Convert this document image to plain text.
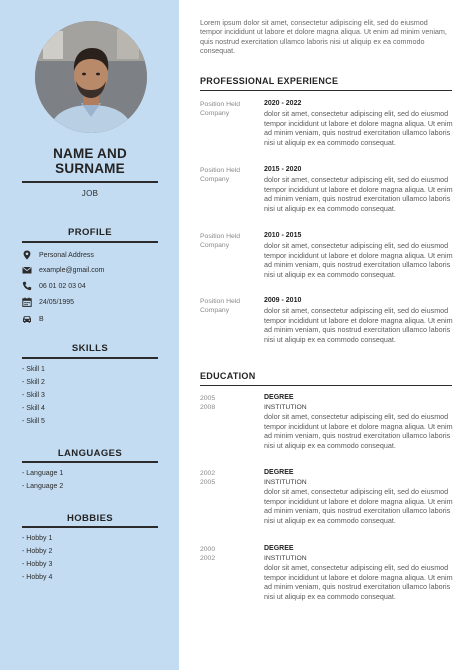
NAME AND SURNAME
JOB
PROFILE
Personal Address
example@gmail.com
06 01 02 03 04
24/05/1995
B
SKILLS
- Skill 1
- Skill 2
- Skill 3
- Skill 4
- Skill 5
LANGUAGES
- Language 1
- Language 2
HOBBIES
- Hobby 1
- Hobby 2
- Hobby 3
- Hobby 4
Lorem ipsum dolor sit amet, consectetur adipiscing elit, sed do eiusmod tempor incididunt ut labore et dolore magna aliqua. Ut enim ad minim veniam, quis nostrud exercitation ullamco laboris nisi ut aliquip ex ea commodo consequat.
PROFESSIONAL EXPERIENCE
Position Held
Company
2020 - 2022
dolor sit amet, consectetur adipiscing elit, sed do eiusmod tempor incididunt ut labore et dolore magna aliqua. Ut enim ad minim veniam, quis nostrud exercitation ullamco laboris nisi ut aliquip ex ea commodo consequat.
Position Held
Company
2015 - 2020
dolor sit amet, consectetur adipiscing elit, sed do eiusmod tempor incididunt ut labore et dolore magna aliqua. Ut enim ad minim veniam, quis nostrud exercitation ullamco laboris nisi ut aliquip ex ea commodo consequat.
Position Held
Company
2010 - 2015
dolor sit amet, consectetur adipiscing elit, sed do eiusmod tempor incididunt ut labore et dolore magna aliqua. Ut enim ad minim veniam, quis nostrud exercitation ullamco laboris nisi ut aliquip ex ea commodo consequat.
Position Held
Company
2009 - 2010
dolor sit amet, consectetur adipiscing elit, sed do eiusmod tempor incididunt ut labore et dolore magna aliqua. Ut enim ad minim veniam, quis nostrud exercitation ullamco laboris nisi ut aliquip ex ea commodo consequat.
EDUCATION
2005
2008
DEGREE
INSTITUTION
dolor sit amet, consectetur adipiscing elit, sed do eiusmod tempor incididunt ut labore et dolore magna aliqua. Ut enim ad minim veniam, quis nostrud exercitation ullamco laboris nisi ut aliquip ex ea commodo consequat.
2002
2005
DEGREE
INSTITUTION
dolor sit amet, consectetur adipiscing elit, sed do eiusmod tempor incididunt ut labore et dolore magna aliqua. Ut enim ad minim veniam, quis nostrud exercitation ullamco laboris nisi ut aliquip ex ea commodo consequat.
2000
2002
DEGREE
INSTITUTION
dolor sit amet, consectetur adipiscing elit, sed do eiusmod tempor incididunt ut labore et dolore magna aliqua. Ut enim ad minim veniam, quis nostrud exercitation ullamco laboris nisi ut aliquip ex ea commodo consequat.
